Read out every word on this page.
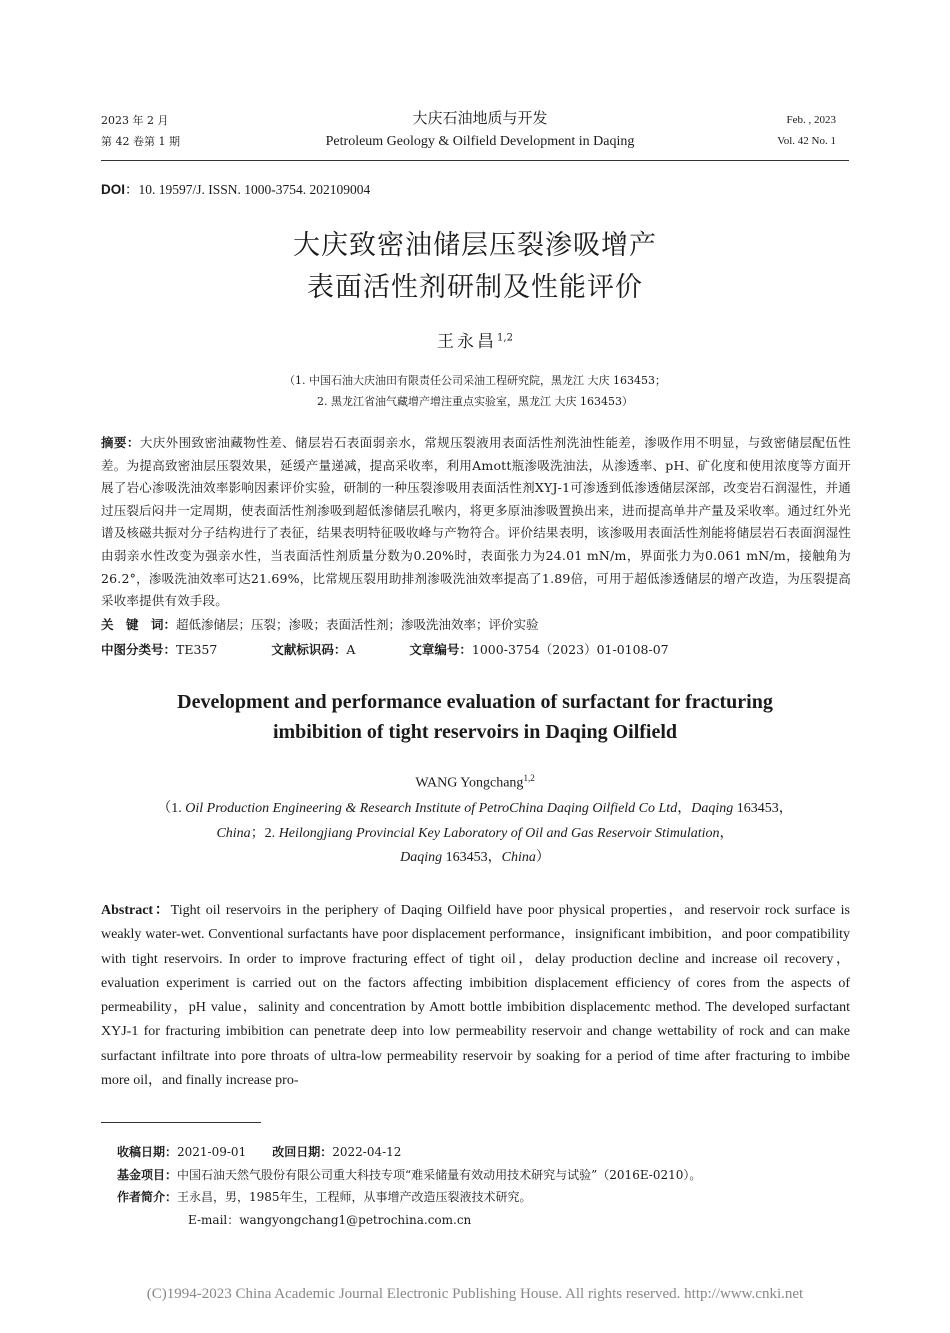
2023 年 2 月
第 42 卷第 1 期
大庆石油地质与开发
Petroleum Geology & Oilfield Development in Daqing
Feb. , 2023
Vol. 42 No. 1
DOI：10. 19597/J. ISSN. 1000-3754. 202109004
大庆致密油储层压裂渗吸增产
表面活性剂研制及性能评价
王永昌$^{1,2}$
（1. 中国石油大庆油田有限责任公司采油工程研究院，黑龙江 大庆 163453；
2. 黑龙江省油气藏增产增注重点实验室，黑龙江 大庆 163453）
摘要：大庆外围致密油藏物性差、储层岩石表面弱亲水，常规压裂液用表面活性剂洗油性能差，渗吸作用不明显，与致密储层配伍性差。为提高致密油层压裂效果，延缓产量递减，提高采收率，利用Amott瓶渗吸洗油法，从渗透率、pH、矿化度和使用浓度等方面开展了岩心渗吸洗油效率影响因素评价实验，研制的一种压裂渗吸用表面活性剂XYJ-1可渗透到低渗透储层深部，改变岩石润湿性，并通过压裂后闷井一定周期，使表面活性剂渗吸到超低渗储层孔喉内，将更多原油渗吸置换出来，进而提高单井产量及采收率。通过红外光谱及核磁共振对分子结构进行了表征，结果表明特征吸收峰与产物符合。评价结果表明，该渗吸用表面活性剂能将储层岩石表面润湿性由弱亲水性改变为强亲水性，当表面活性剂质量分数为0.20%时，表面张力为24.01 mN/m，界面张力为0.061 mN/m，接触角为26.2°，渗吸洗油效率可达21.69%，比常规压裂用助排剂渗吸洗油效率提高了1.89倍，可用于超低渗透储层的增产改造，为压裂提高采收率提供有效手段。
关　键　词：超低渗储层；压裂；渗吸；表面活性剂；渗吸洗油效率；评价实验
中图分类号：TE357	文献标识码：A	文章编号：1000-3754（2023）01-0108-07
Development and performance evaluation of surfactant for fracturing
imbibition of tight reservoirs in Daqing Oilfield
WANG Yongchang$^{1,2}$
（1. Oil Production Engineering & Research Institute of PetroChina Daqing Oilfield Co Ltd，Daqing 163453，
China；2. Heilongjiang Provincial Key Laboratory of Oil and Gas Reservoir Stimulation，
Daqing 163453，China）
Abstract：Tight oil reservoirs in the periphery of Daqing Oilfield have poor physical properties，and reservoir rock surface is weakly water-wet. Conventional surfactants have poor displacement performance，insignificant imbibition，and poor compatibility with tight reservoirs. In order to improve fracturing effect of tight oil，delay production decline and increase oil recovery，evaluation experiment is carried out on the factors affecting imbibition displacement efficiency of cores from the aspects of permeability，pH value，salinity and concentration by Amott bottle imbibition displacementc method. The developed surfactant XYJ-1 for fracturing imbibition can penetrate deep into low permeability reservoir and change wettability of rock and can make surfactant infiltrate into pore throats of ultra-low permeability reservoir by soaking for a period of time after fracturing to imbibe more oil，and finally increase pro-
收稿日期：2021-09-01 改回日期：2022-04-12
基金项目：中国石油天然气股份有限公司重大科技专项“难采储量有效动用技术研究与试验”（2016E-0210）。
作者简介：王永昌，男，1985年生，工程师，从事增产改造压裂液技术研究。
E-mail：wangyongchang1@petrochina.com.cn
(C)1994-2023 China Academic Journal Electronic Publishing House. All rights reserved. http://www.cnki.net
